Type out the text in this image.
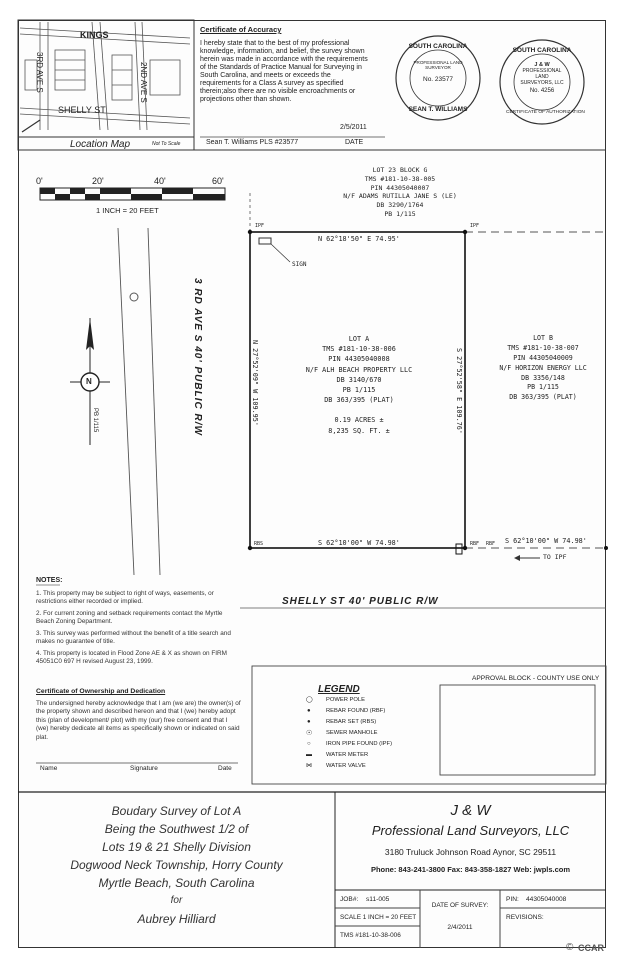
KINGS
3RD AVE S	2ND AVE S
SHELLY ST
Location Map	Not To Scale
Certificate of Accuracy
I hereby state that to the best of my professional
knowledge, information, and belief, the survey shown
herein was made in accordance with the requirements
of the Standards of Practice Manual for Surveying in
South Carolina, and meets or exceeds the
requirements for a Class A survey as specified
therein;also there are no visible encroachments or
projections other than shown.
Sean T. Williams PLS #23577
2/5/2011
DATE
SOUTH CAROLINA
PROFESSIONAL LAND SURVEYOR
No. 23577
SEAN T. WILLIAMS
SOUTH CAROLINA
J & W
PROFESSIONAL
LAND
SURVEYORS, LLC
No. 4256
CERTIFICATE OF AUTHORIZATION
0'	20'	40'	60'
1 INCH = 20 FEET
N
PB 1/115	3 RD AVE S 40' PUBLIC R/W
LOT 23 BLOCK G
TMS #181-10-38-005
PIN 44305040007
N/F ADAMS RUTILLA JANE S (LE)
DB 3290/1764
PB 1/115
N 62°18'50" E 74.95'
S 62°10'00" W 74.98'	S 62°10'00" W 74.98'
N 27°52'09" W 109.95'	S 27°52'58" E 109.76'
TO IPF
IPF	IPF
RBS	RBF RBF
SIGN
LOT A
TMS #181-10-38-006
PIN 44305040008
N/F ALH BEACH PROPERTY LLC
DB 3140/670
PB 1/115
DB 363/395 (PLAT)
0.19 ACRES ±
8,235 SQ. FT. ±
LOT B
TMS #181-10-38-007
PIN 44305040009
N/F HORIZON ENERGY LLC
DB 3356/148
PB 1/115
DB 363/395 (PLAT)
SHELLY ST 40' PUBLIC R/W
NOTES:
1. This property may be subject to right of ways, easements, or restrictions either recorded or implied.
2. For current zoning and setback requirements contact the Myrtle Beach Zoning Department.
3. This survey was performed without the benefit of a title search and makes no guarantee of title.
4. This property is located in Flood Zone AE & X as shown on FIRM 45051C0 697 H revised August 23, 1999.
Certificate of Ownership and Dedication
The undersigned hereby acknowledge that I am (we are) the owner(s) of the property shown and described hereon and that I (we) hereby adopt this (plan of development/ plot) with my (our) free consent and that I (we) hereby dedicate all items as specifically shown or indicated on said plat.
Name	Signature	Date
LEGEND
◯ POWER POLE
●	REBAR FOUND (RBF)
●	REBAR SET (RBS)
☉ SEWER MANHOLE
○	IRON PIPE FOUND (IPF)
▬ WATER METER
⋈ WATER VALVE
APPROVAL BLOCK - COUNTY USE ONLY
Boudary Survey of Lot A
Being the Southwest 1/2 of
Lots 19 & 21 Shelly Division
Dogwood Neck Township, Horry County
Myrtle Beach, South Carolina
for
Aubrey Hilliard
J & W
Professional Land Surveyors, LLC
3180 Truluck Johnson Road Aynor, SC 29511
Phone: 843-241-3800 Fax: 843-358-1827 Web: jwpls.com
JOB#: s11-005
SCALE 1 INCH = 20 FEET
TMS #181-10-38-006
DATE OF SURVEY:
2/4/2011
PIN: 44305040008
REVISIONS:
© CCAR
